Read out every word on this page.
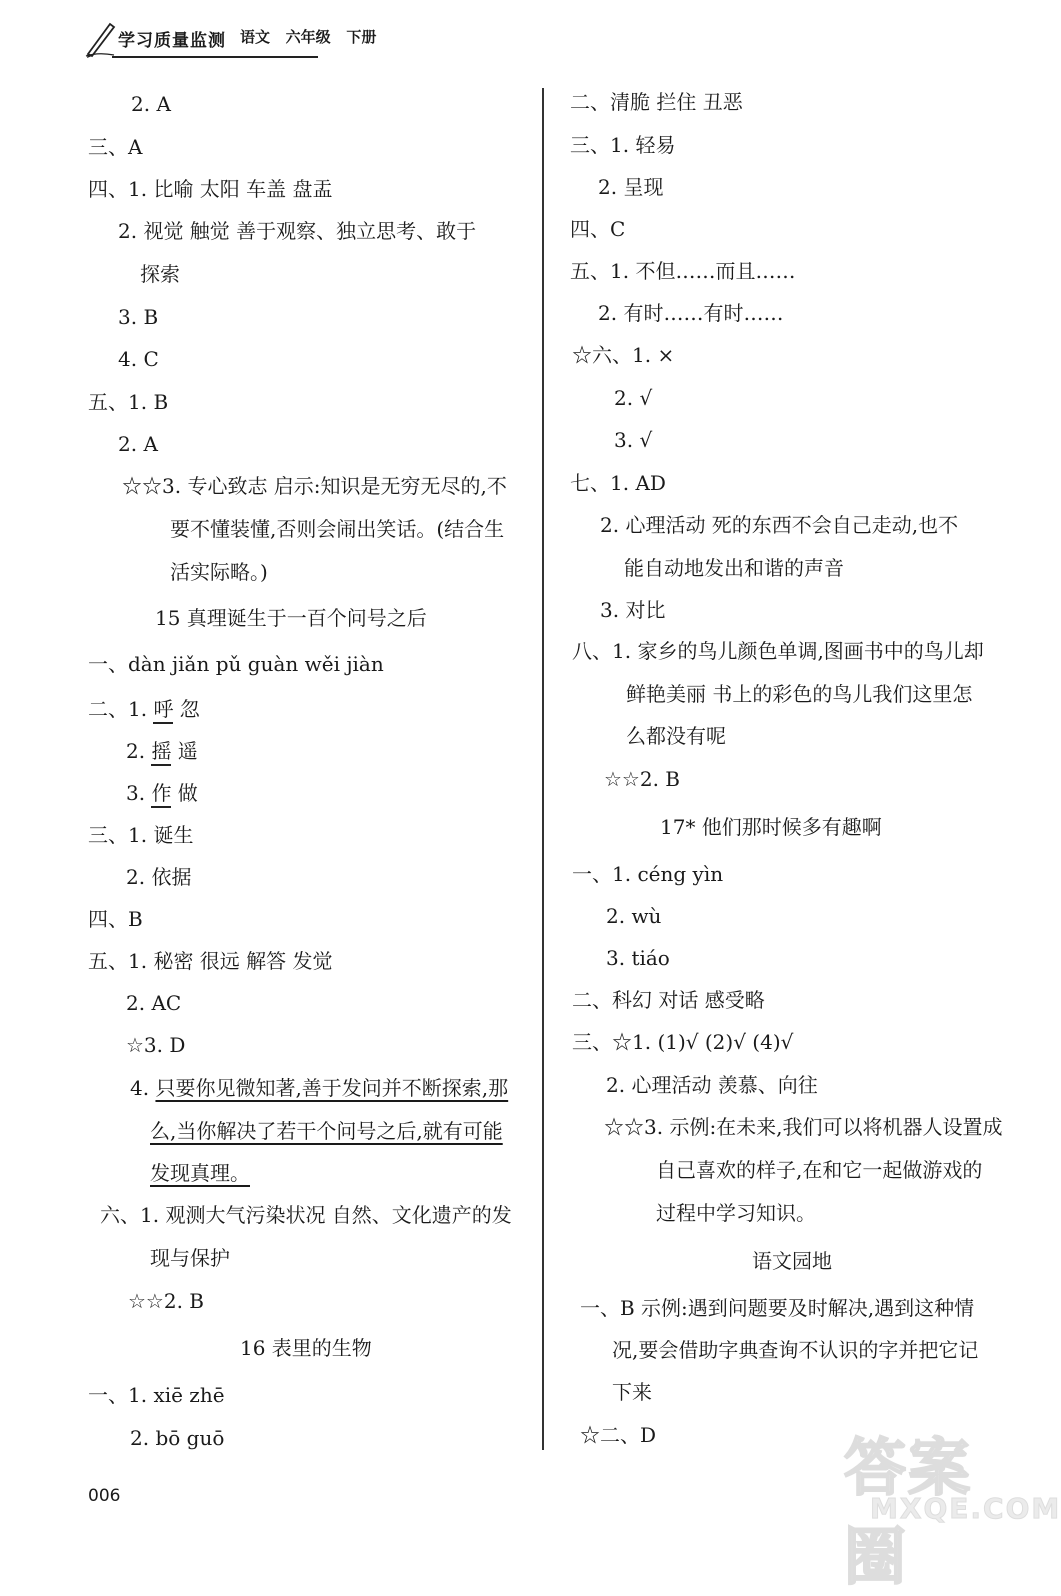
学习质量监测 语文   六年级   下册
2. A
三、A
四、1. 比喻 太阳 车盖 盘盂
2. 视觉 触觉 善于观察、独立思考、敢于
探索
3. B
4. C
五、1. B
2. A
☆☆3. 专心致志 启示:知识是无穷无尽的,不
要不懂装懂,否则会闹出笑话。(结合生
活实际略。)
15 真理诞生于一百个问号之后
一、dàn jiǎn pǔ guàn wěi jiàn
二、1. 呼 忽
2. 摇 遥
3. 作 做
三、1. 诞生
2. 依据
四、B
五、1. 秘密 很远 解答 发觉
2. AC
☆3. D
4. 只要你见微知著,善于发问并不断探索,那
么,当你解决了若干个问号之后,就有可能
发现真理。
六、1. 观测大气污染状况 自然、文化遗产的发
现与保护
☆☆2. B
16 表里的生物
一、1. xiē zhē
2. bō guō
二、清脆 拦住 丑恶
三、1. 轻易
2. 呈现
四、C
五、1. 不但……而且……
2. 有时……有时……
☆六、1. ×
2. √
3. √
七、1. AD
2. 心理活动 死的东西不会自己走动,也不
能自动地发出和谐的声音
3. 对比
八、1. 家乡的鸟儿颜色单调,图画书中的鸟儿却
鲜艳美丽 书上的彩色的鸟儿我们这里怎
么都没有呢
☆☆2. B
17* 他们那时候多有趣啊
一、1. céng yìn
2. wù
3. tiáo
二、科幻 对话 感受略
三、☆1. (1)√ (2)√ (4)√
2. 心理活动 羡慕、向往
☆☆3. 示例:在未来,我们可以将机器人设置成
自己喜欢的样子,在和它一起做游戏的
过程中学习知识。
语文园地
一、B 示例:遇到问题要及时解决,遇到这种情
况,要会借助字典查询不认识的字并把它记
下来
☆二、D
006	答案圈
MXQE.COM
